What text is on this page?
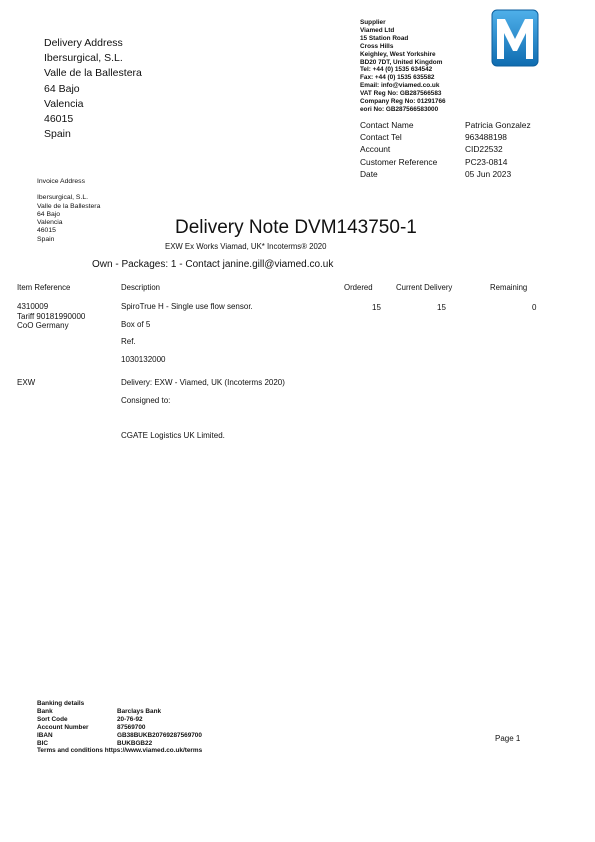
Delivery Address
Ibersurgical, S.L.
Valle de la Ballestera
64 Bajo
Valencia
46015
Spain
Supplier
Viamed Ltd
15 Station Road
Cross Hills
Keighley, West Yorkshire
BD20 7DT, United Kingdom
Tel: +44 (0) 1535 634542
Fax: +44 (0) 1535 635582
Email: info@viamed.co.uk
VAT Reg No: GB287566583
Company Reg No: 01291766
eori No: GB287566583000
Contact Name	Patricia Gonzalez
Contact Tel	963488198
Account	CID22532
Customer Reference	PC23-0814
Date	05 Jun 2023
Invoice Address
Ibersurgical, S.L.
Valle de la Ballestera
64 Bajo
Valencia
46015
Spain
Delivery Note DVM143750-1
EXW Ex Works Viamad, UK* Incoterms® 2020
Own - Packages: 1 - Contact janine.gill@viamed.co.uk
Item Reference	Description	Ordered	Current Delivery	Remaining
4310009
Tariff 90181990000
CoO Germany
SpiroTrue H - Single use flow sensor.
Box of 5
Ref.
1030132000
15	15	0
EXW	Delivery: EXW - Viamed, UK (Incoterms 2020)
Consigned to:

CGATE Logistics UK Limited.
Banking details
Bank	Barclays Bank
Sort Code	20-76-92
Account Number	87569700
IBAN	GB38BUKB20769287569700
BIC	BUKBGB22
Terms and conditions https://www.viamed.co.uk/terms
Page 1
